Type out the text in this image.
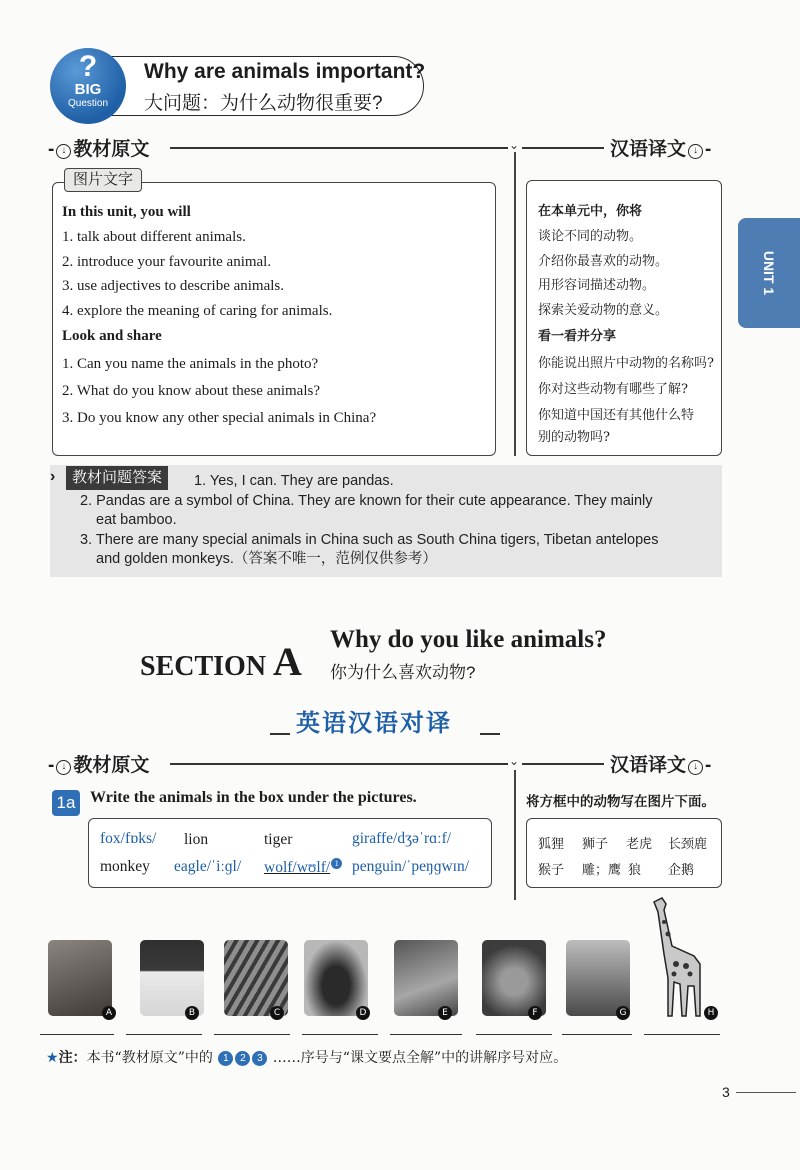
?
BIG
Question
Why are animals important?
大问题：为什么动物很重要?
- ↓ 教材原文	⌄	汉语译文 ↓ -
图片文字
In this unit, you will
1. talk about different animals.
2. introduce your favourite animal.
3. use adjectives to describe animals.
4. explore the meaning of caring for animals.
Look and share
1. Can you name the animals in the photo?
2. What do you know about these animals?
3. Do you know any other special animals in China?
在本单元中，你将
谈论不同的动物。
介绍你最喜欢的动物。
用形容词描述动物。
探索关爱动物的意义。
看一看并分享
你能说出照片中动物的名称吗?
你对这些动物有哪些了解?
你知道中国还有其他什么特
别的动物吗?
UNIT 1
›	教材问题答案	1. Yes, I can. They are pandas.
2. Pandas are a symbol of China. They are known for their cute appearance. They mainly
eat bamboo.
3. There are many special animals in China such as South China tigers, Tibetan antelopes
and golden monkeys.（答案不唯一，范例仅供参考）
SECTION A Why do you like animals?
你为什么喜欢动物?
英语汉语对译
- ↓ 教材原文	⌄	汉语译文 ↓ -
1a Write the animals in the box under the pictures.	将方框中的动物写在图片下面。
fox/fɒks/ lion	tiger	giraffe/dʒəˈrɑːf/
monkey eagle/ˈiːɡl/ wolf/wʊlf/ 1 penguin/ˈpeŋɡwɪn/
狐狸 狮子 老虎 长颈鹿
猴子 雕；鹰 狼 企鹅
A	B	C	D	E	F	G	H
★注：本书“教材原文”中的 1 2 3 ……序号与“课文要点全解”中的讲解序号对应。
3
